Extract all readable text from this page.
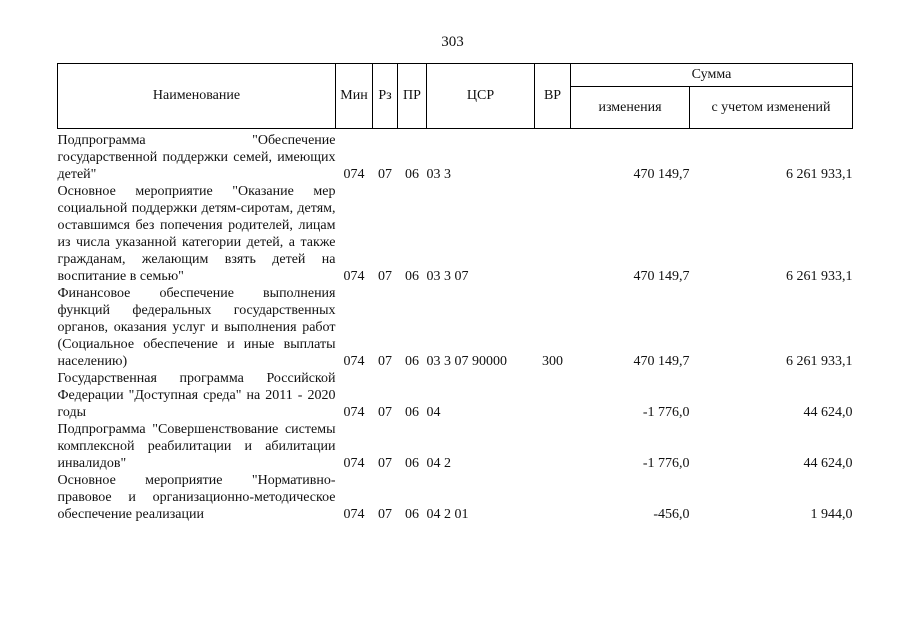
303
Наименование	Мин	Рз	ПР	ЦСР	ВР	Сумма	
						изменения	с учетом изменений

Подпрограмма "Обеспечение государственной поддержки семей, имеющих детей"	074	07	06	03 3		470 149,7	6 261 933,1
Основное мероприятие "Оказание мер социальной поддержки детям-сиротам, детям, оставшимся без попечения родителей, лицам из числа указанной категории детей, а также гражданам, желающим взять детей на воспитание в семью"	074	07	06	03 3 07		470 149,7	6 261 933,1
Финансовое обеспечение выполнения функций федеральных государственных органов, оказания услуг и выполнения работ (Социальное обеспечение и иные выплаты населению)	074	07	06	03 3 07 90000	300	470 149,7	6 261 933,1
Государственная программа Российской Федерации "Доступная среда" на 2011 - 2020 годы	074	07	06	04		-1 776,0	44 624,0
Подпрограмма "Совершенствование системы комплексной реабилитации и абилитации инвалидов"	074	07	06	04 2		-1 776,0	44 624,0
Основное мероприятие "Нормативно-правовое и организационно-методическое обеспечение реализации	074	07	06	04 2 01		-456,0	1 944,0
